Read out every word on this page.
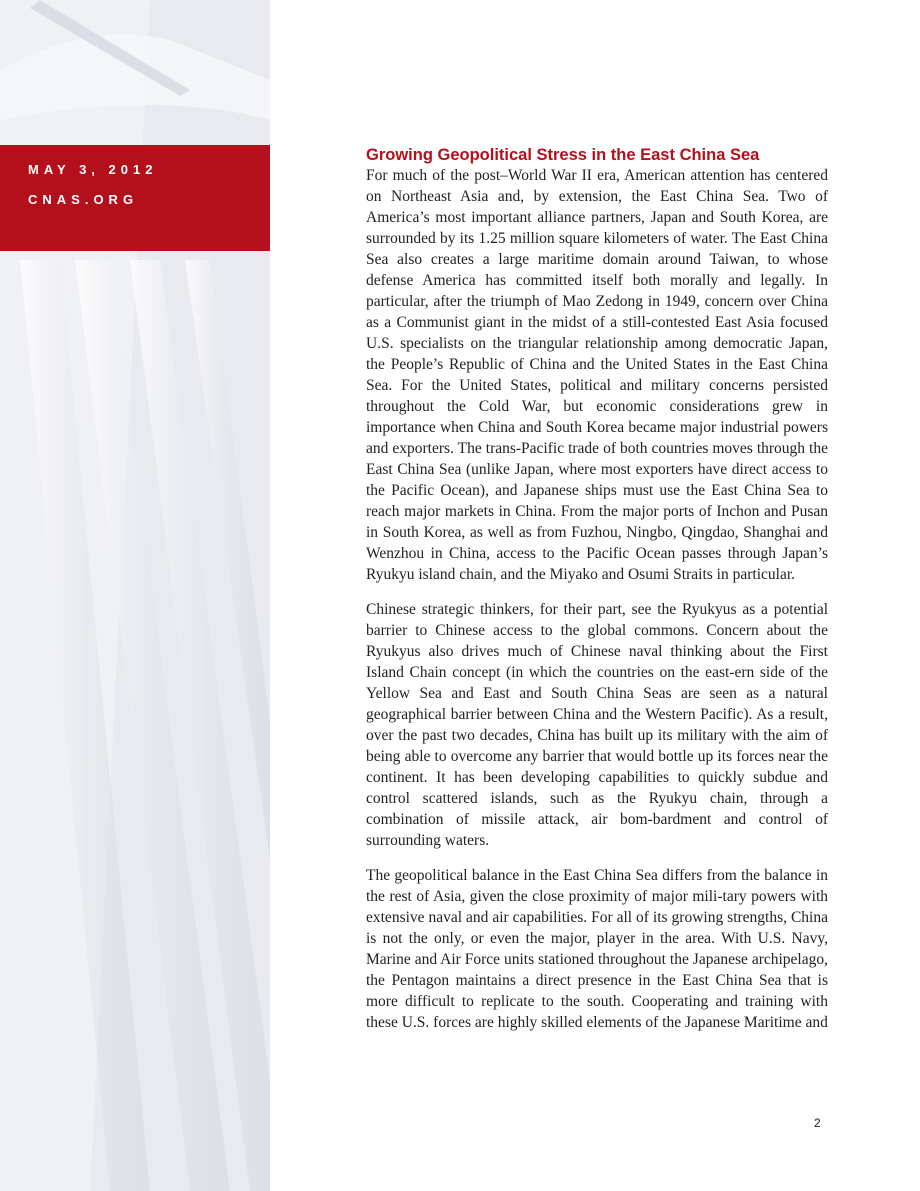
MAY 3, 2012

CNAS.ORG

Growing Geopolitical Stress in the East China Sea

For much of the post–World War II era, American attention has centered on Northeast Asia and, by extension, the East China Sea. Two of America’s most important alliance partners, Japan and South Korea, are surrounded by its 1.25 million square kilometers of water. The East China Sea also creates a large maritime domain around Taiwan, to whose defense America has committed itself both morally and legally. In particular, after the triumph of Mao Zedong in 1949, concern over China as a Communist giant in the midst of a still-contested East Asia focused U.S. specialists on the triangular relationship among democratic Japan, the People’s Republic of China and the United States in the East China Sea. For the United States, political and military concerns persisted throughout the Cold War, but economic considerations grew in importance when China and South Korea became major industrial powers and exporters. The trans-Pacific trade of both countries moves through the East China Sea (unlike Japan, where most exporters have direct access to the Pacific Ocean), and Japanese ships must use the East China Sea to reach major markets in China. From the major ports of Inchon and Pusan in South Korea, as well as from Fuzhou, Ningbo, Qingdao, Shanghai and Wenzhou in China, access to the Pacific Ocean passes through Japan’s Ryukyu island chain, and the Miyako and Osumi Straits in particular.

Chinese strategic thinkers, for their part, see the Ryukyus as a potential barrier to Chinese access to the global commons. Concern about the Ryukyus also drives much of Chinese naval thinking about the First Island Chain concept (in which the countries on the east-ern side of the Yellow Sea and East and South China Seas are seen as a natural geographical barrier between China and the Western Pacific). As a result, over the past two decades, China has built up its military with the aim of being able to overcome any barrier that would bottle up its forces near the continent. It has been developing capabilities to quickly subdue and control scattered islands, such as the Ryukyu chain, through a combination of missile attack, air bom-bardment and control of surrounding waters.

The geopolitical balance in the East China Sea differs from the balance in the rest of Asia, given the close proximity of major mili-tary powers with extensive naval and air capabilities. For all of its growing strengths, China is not the only, or even the major, player in the area. With U.S. Navy, Marine and Air Force units stationed throughout the Japanese archipelago, the Pentagon maintains a direct presence in the East China Sea that is more difficult to replicate to the south. Cooperating and training with these U.S. forces are highly skilled elements of the Japanese Maritime and

2
